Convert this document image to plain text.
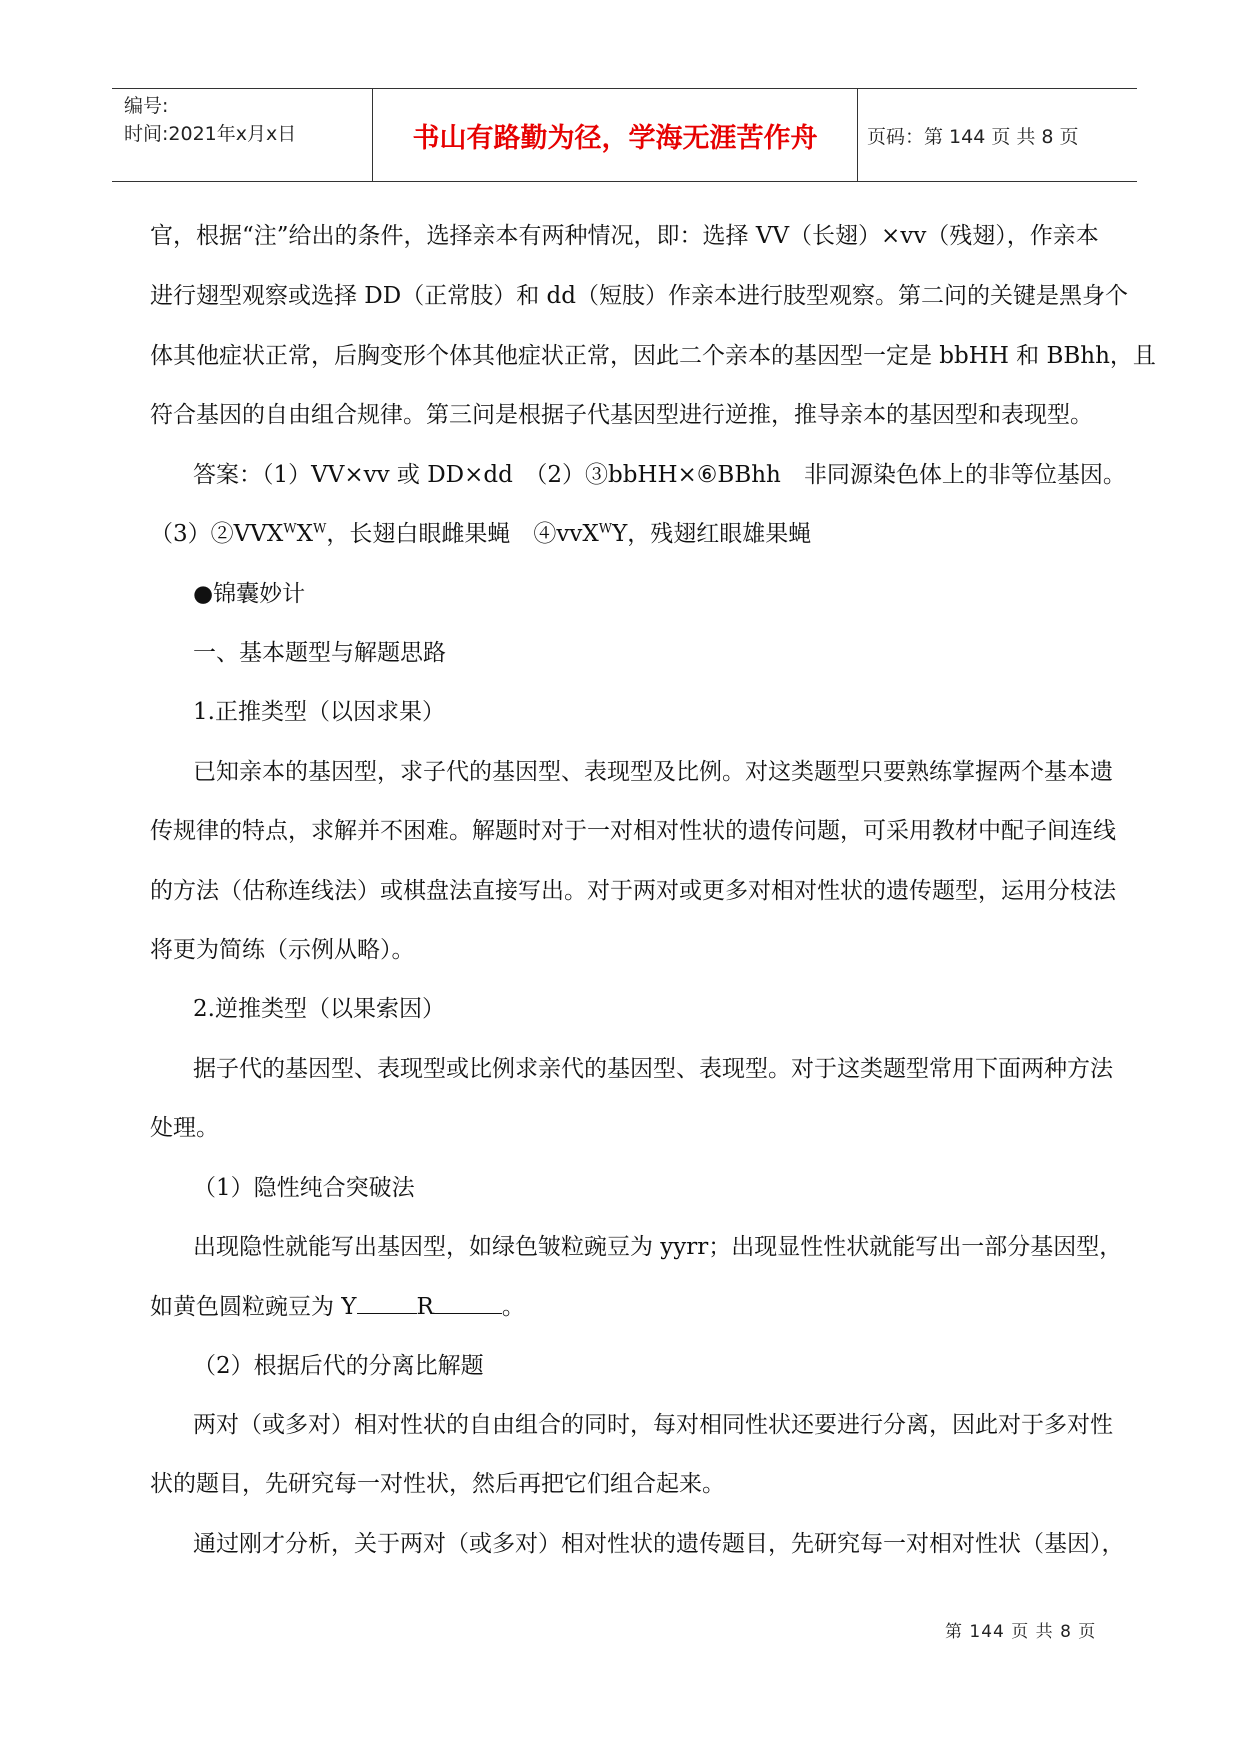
编号:
时间:2021年x月x日	书山有路勤为径，学海无涯苦作舟	页码：第 144 页 共 8 页

官，根据“注”给出的条件，选择亲本有两种情况，即：选择 VV（长翅）×vv（残翅），作亲本

进行翅型观察或选择 DD（正常肢）和 dd（短肢）作亲本进行肢型观察。第二问的关键是黑身个

体其他症状正常，后胸变形个体其他症状正常，因此二个亲本的基因型一定是 bbHH 和 BBhh，且

符合基因的自由组合规律。第三问是根据子代基因型进行逆推，推导亲本的基因型和表现型。

答案：（1）VV×vv 或 DD×dd　（2）③bbHH×⑥BBhh　非同源染色体上的非等位基因。

$(3)②VVX^WX^W$，长翅白眼雌果蝇　④vvX$^W$Y，残翅红眼雄果蝇

●锦囊妙计

一、基本题型与解题思路

1.正推类型（以因求果）

已知亲本的基因型，求子代的基因型、表现型及比例。对这类题型只要熟练掌握两个基本遗

传规律的特点，求解并不困难。解题时对于一对相对性状的遗传问题，可采用教材中配子间连线

的方法（估称连线法）或棋盘法直接写出。对于两对或更多对相对性状的遗传题型，运用分枝法

将更为简练（示例从略）。

2.逆推类型（以果索因）

据子代的基因型、表现型或比例求亲代的基因型、表现型。对于这类题型常用下面两种方法

处理。

（1）隐性纯合突破法

出现隐性就能写出基因型，如绿色皱粒豌豆为 yyrr；出现显性性状就能写出一部分基因型，

如黄色圆粒豌豆为 Y	R	。

（2）根据后代的分离比解题

两对（或多对）相对性状的自由组合的同时，每对相同性状还要进行分离，因此对于多对性

状的题目，先研究每一对性状，然后再把它们组合起来。

通过刚才分析，关于两对（或多对）相对性状的遗传题目，先研究每一对相对性状（基因），

第 144 页 共 8 页
